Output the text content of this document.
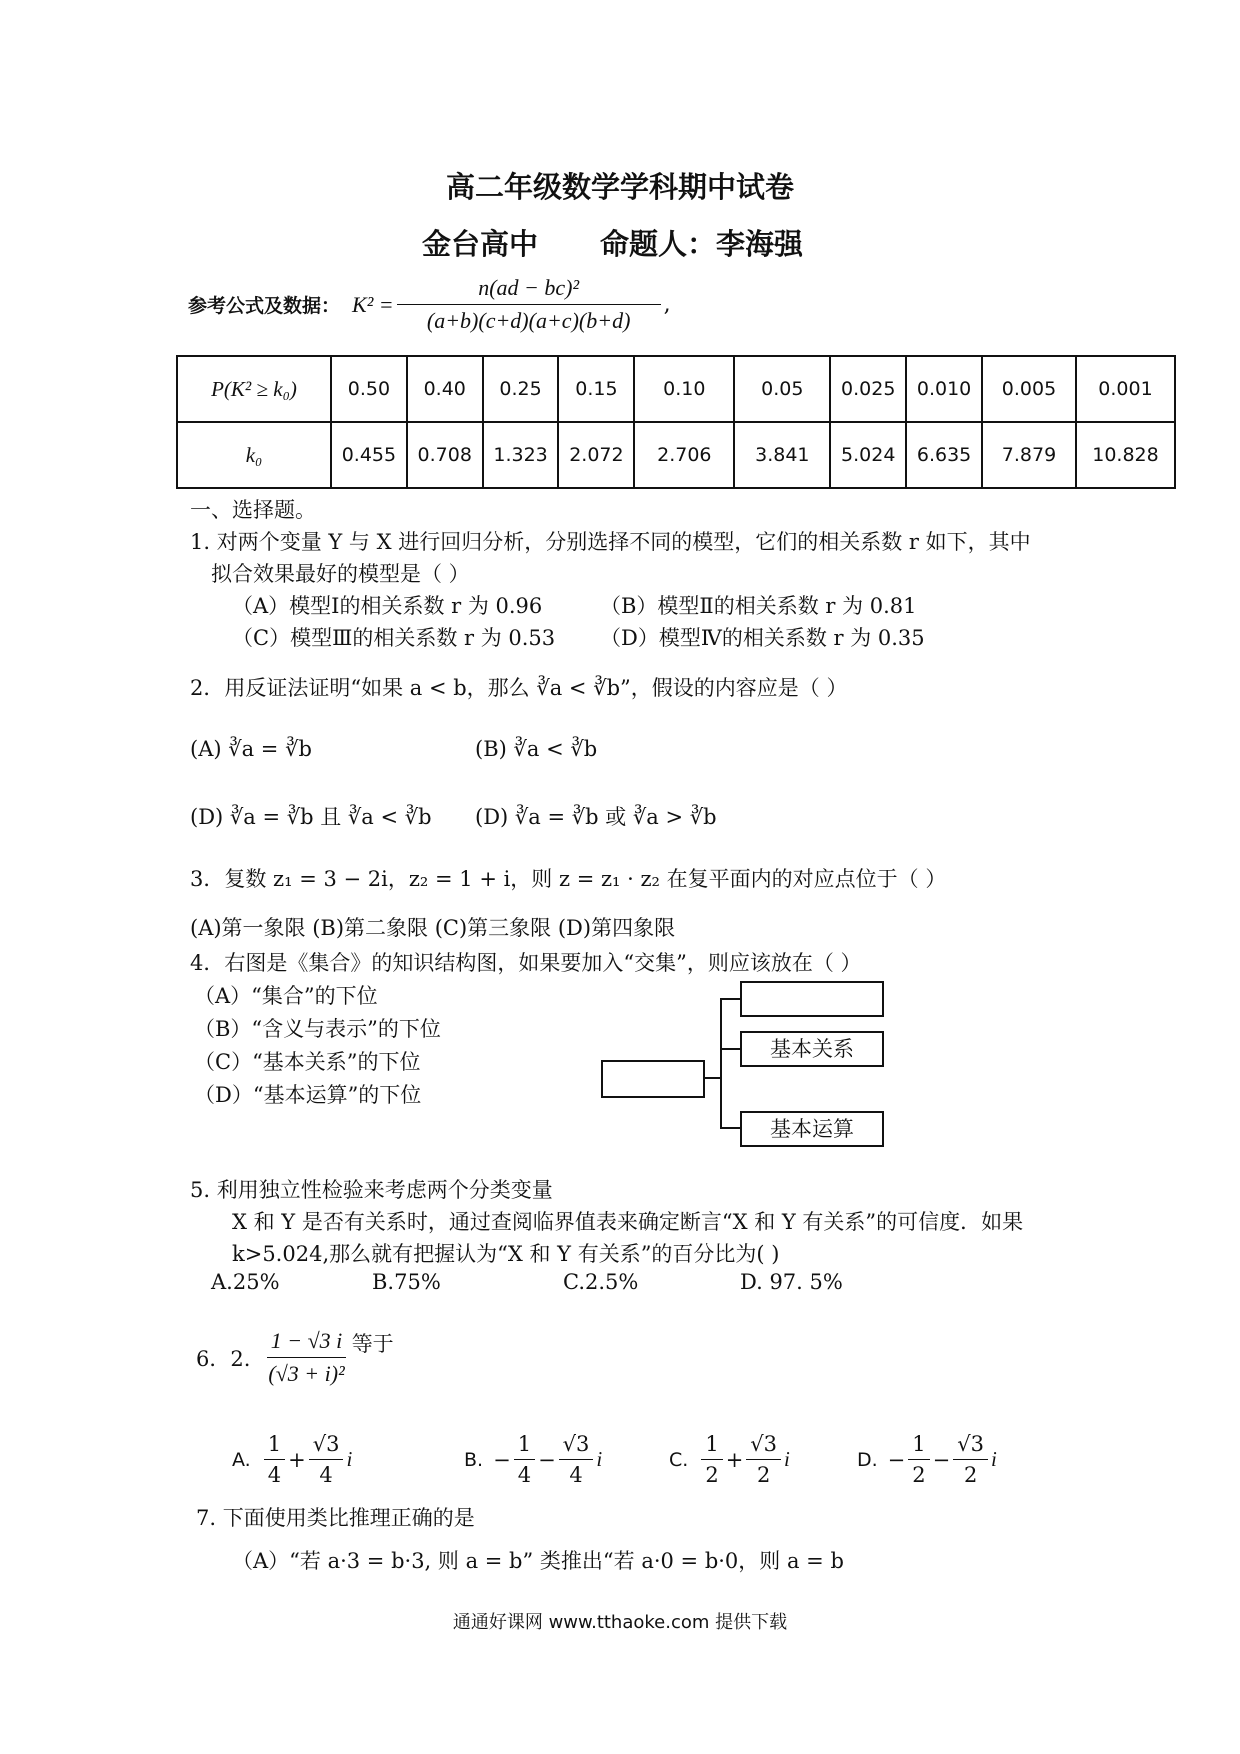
高二年级数学学科期中试卷
金台高中 命题人：李海强
参考公式及数据： $K^2 = \frac{\text{n(ad − bc)²}}{(a+b)(c+d)(a+c)(b+d)}$ ,
P(K² ≥ k₀)	0.50	0.40	0.25	0.15	0.10	0.05	0.025	0.010	0.005	0.001
k₀	0.455	0.708	1.323	2.072	2.706	3.841	5.024	6.635	7.879	10.828
一、选择题。
1. 对两个变量 Y 与 X 进行回归分析，分别选择不同的模型，它们的相关系数 r 如下，其中
拟合效果最好的模型是（ ）
（A）模型Ⅰ的相关系数 r 为 0.96	（B）模型Ⅱ的相关系数 r 为 0.81
（C）模型Ⅲ的相关系数 r 为 0.53 （D）模型Ⅳ的相关系数 r 为 0.35
2．用反证法证明“如果 a < b，那么 ∛a < ∛b”，假设的内容应是（ ）
(A) ∛a = ∛b	(B) ∛a < ∛b
(D) ∛a = ∛b 且 ∛a < ∛b (D) ∛a = ∛b 或 ∛a > ∛b
3．复数 z₁ = 3 − 2i，z₂ = 1 + i，则 z = z₁ · z₂ 在复平面内的对应点位于（ ）
(A)第一象限 (B)第二象限 (C)第三象限 (D)第四象限
4．右图是《集合》的知识结构图，如果要加入“交集”，则应该放在（ ）
（A）“集合”的下位
（B）“含义与表示”的下位
（C）“基本关系”的下位
（D）“基本运算”的下位
基本关系
基本运算
5. 利用独立性检验来考虑两个分类变量
X 和 Y 是否有关系时，通过查阅临界值表来确定断言“X 和 Y 有关系”的可信度．如果
k>5.024,那么就有把握认为“X 和 Y 有关系”的百分比为( )
A.25%	B.75%	C.2.5%	D. 97. 5%
6．2. $\frac{1 - √3 i}{\text{(√3 + i)²}}$ 等于
A. $\frac{1}{4} + \frac{√3}{4}$ i	B. − $\frac{1}{4} - \frac{√3}{4}$ i	C. $\frac{1}{2} + \frac{√3}{2}$ i	D. − $\frac{1}{2} - \frac{√3}{2}$ i
7. 下面使用类比推理正确的是
（A）“若 a·3 = b·3, 则 a = b” 类推出“若 a·0 = b·0，则 a = b
通通好课网 www.tthaoke.com 提供下载
